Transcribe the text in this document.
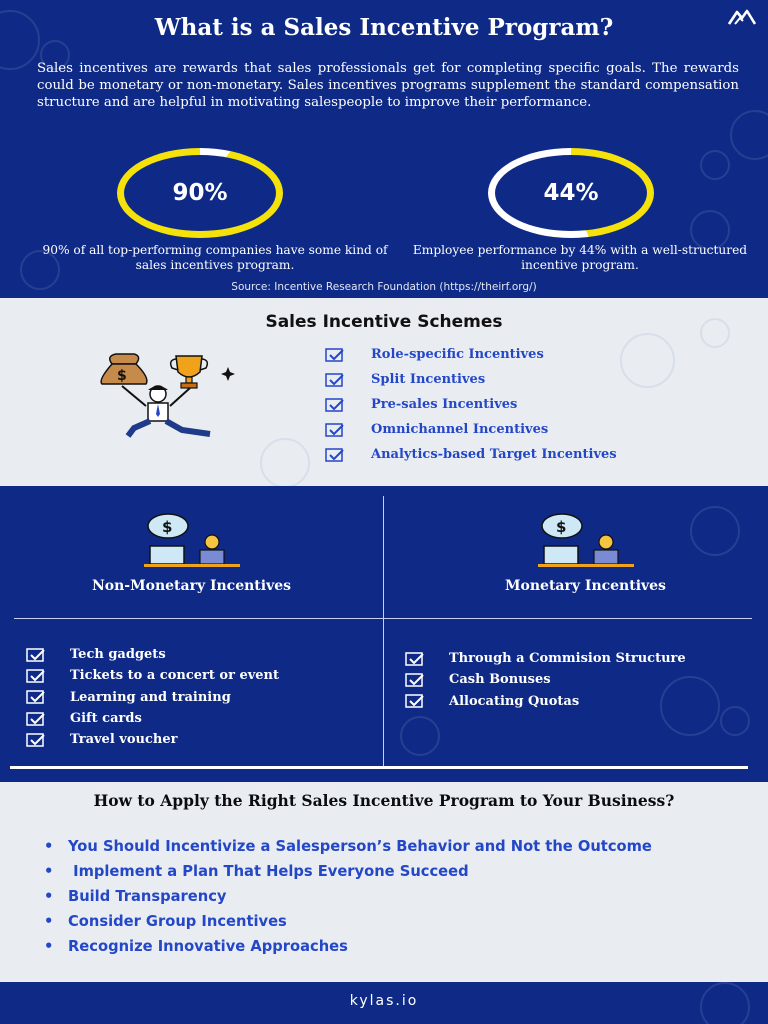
What is a Sales Incentive Program?

Sales incentives are rewards that sales professionals get for completing specific goals. The rewards could be monetary or non-monetary. Sales incentives programs supplement the standard compensation structure and are helpful in motivating salespeople to improve their performance.

90%	44%

90% of all top-performing companies have some kind of sales incentives program.

Employee performance by 44% with a well-structured incentive program.

Source: Incentive Research Foundation (https://theirf.org/)

Sales Incentive Schemes
$
Role-specific Incentives
Split Incentives
Pre-sales Incentives
Omnichannel Incentives
Analytics-based Target Incentives
$	$
Non-Monetary Incentives	Monetary Incentives
Tech gadgets
Tickets to a concert or event
Learning and training
Gift cards
Travel voucher
Through a Commision Structure
Cash Bonuses
Allocating Quotas
How to Apply the Right Sales Incentive Program to Your Business?
• You Should Incentivize a Salesperson’s Behavior and Not the Outcome
• Implement a Plan That Helps Everyone Succeed
• Build Transparency
• Consider Group Incentives
• Recognize Innovative Approaches
kylas.io
